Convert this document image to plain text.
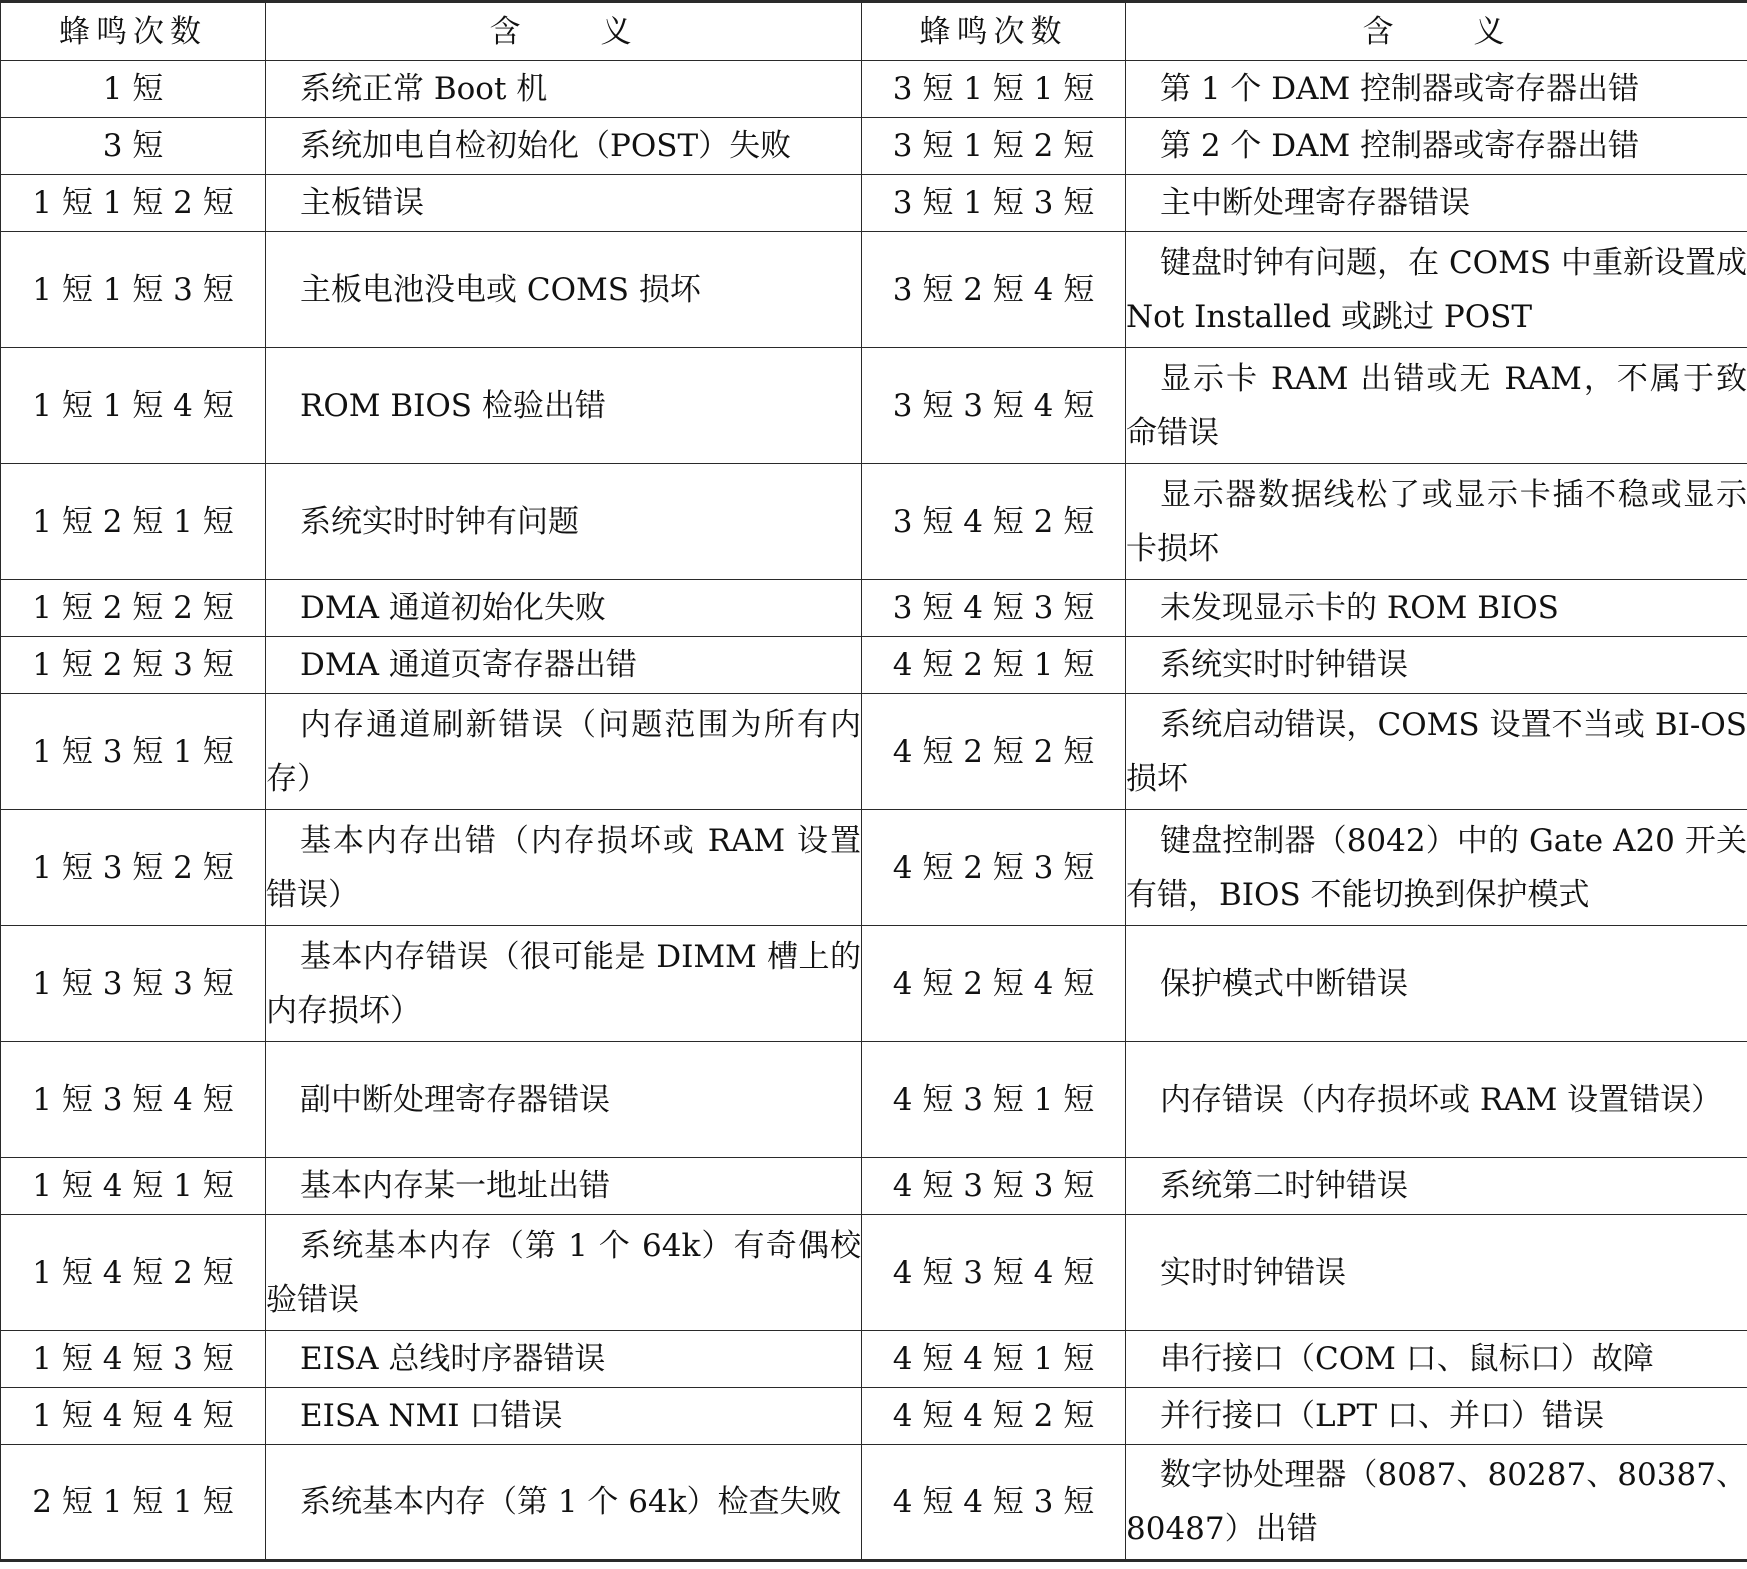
蜂鸣次数	含　　义	蜂鸣次数	含　　义
1 短	系统正常 Boot 机	3 短 1 短 1 短	第 1 个 DAM 控制器或寄存器出错

3 短	系统加电自检初始化（POST）失败	3 短 1 短 2 短	第 2 个 DAM 控制器或寄存器出错

1 短 1 短 2 短	主板错误	3 短 1 短 3 短	主中断处理寄存器错误

1 短 1 短 3 短	主板电池没电或 COMS 损坏	3 短 2 短 4 短	键盘时钟有问题，在 COMS 中重新设置成 Not Installed 或跳过 POST

1 短 1 短 4 短	ROM BIOS 检验出错	3 短 3 短 4 短	显示卡 RAM 出错或无 RAM，不属于致命错误

1 短 2 短 1 短	系统实时时钟有问题	3 短 4 短 2 短	显示器数据线松了或显示卡插不稳或显示卡损坏

1 短 2 短 2 短	DMA 通道初始化失败	3 短 4 短 3 短	未发现显示卡的 ROM BIOS

1 短 2 短 3 短	DMA 通道页寄存器出错	4 短 2 短 1 短	系统实时时钟错误

1 短 3 短 1 短	内存通道刷新错误（问题范围为所有内存）	4 短 2 短 2 短	系统启动错误，COMS 设置不当或 BI-OS 损坏

1 短 3 短 2 短	基本内存出错（内存损坏或 RAM 设置错误）	4 短 2 短 3 短	键盘控制器（8042）中的 Gate A20 开关有错，BIOS 不能切换到保护模式

1 短 3 短 3 短	基本内存错误（很可能是 DIMM 槽上的内存损坏）	4 短 2 短 4 短	保护模式中断错误

1 短 3 短 4 短	副中断处理寄存器错误	4 短 3 短 1 短	内存错误（内存损坏或 RAM 设置错误）

1 短 4 短 1 短	基本内存某一地址出错	4 短 3 短 3 短	系统第二时钟错误

1 短 4 短 2 短	系统基本内存（第 1 个 64k）有奇偶校验错误	4 短 3 短 4 短	实时时钟错误

1 短 4 短 3 短	EISA 总线时序器错误	4 短 4 短 1 短	串行接口（COM 口、鼠标口）故障

1 短 4 短 4 短	EISA NMI 口错误	4 短 4 短 2 短	并行接口（LPT 口、并口）错误

2 短 1 短 1 短	系统基本内存（第 1 个 64k）检查失败	4 短 4 短 3 短	数字协处理器（8087、80287、80387、80487）出错
